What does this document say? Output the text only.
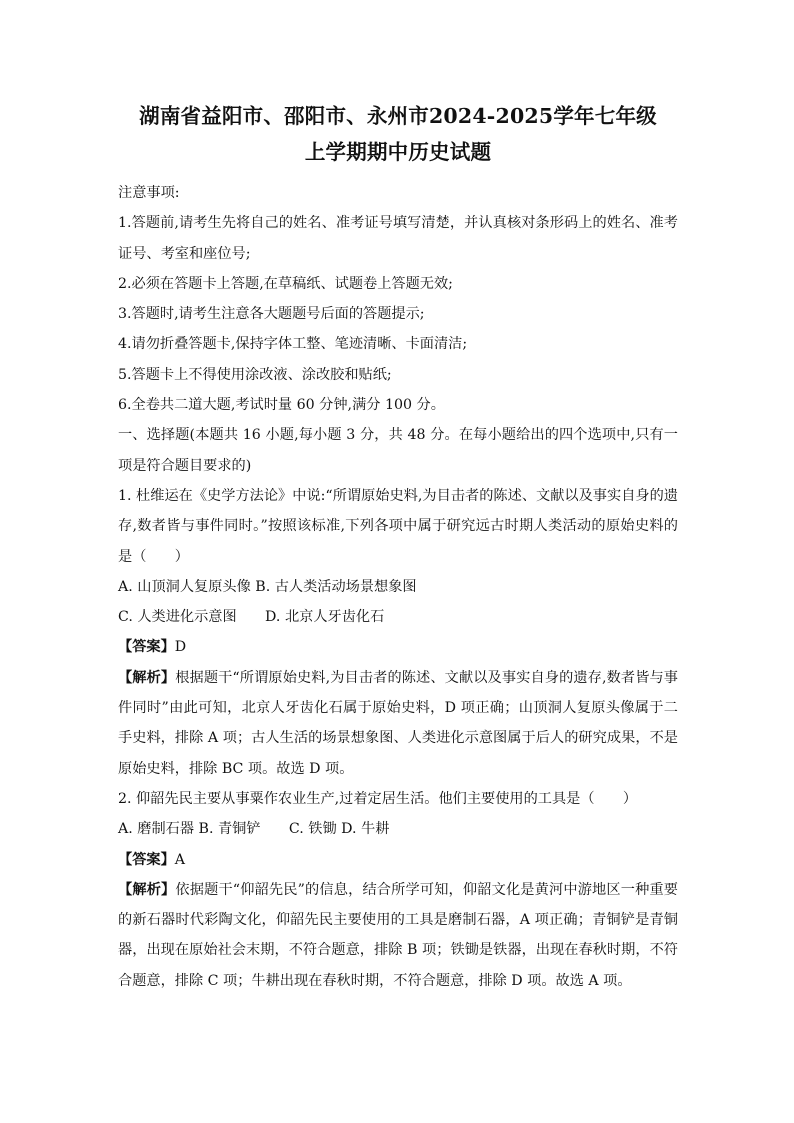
湖南省益阳市、邵阳市、永州市2024-2025学年七年级
上学期期中历史试题

注意事项:

1.答题前,请考生先将自己的姓名、准考证号填写清楚，并认真核对条形码上的姓名、准考证号、考室和座位号;

2.必须在答题卡上答题,在草稿纸、试题卷上答题无效;

3.答题时,请考生注意各大题题号后面的答题提示;

4.请勿折叠答题卡,保持字体工整、笔迹清晰、卡面清洁;

5.答题卡上不得使用涂改液、涂改胶和贴纸;

6.全卷共二道大题,考试时量 60 分钟,满分 100 分。

一、选择题(本题共 16 小题,每小题 3 分，共 48 分。在每小题给出的四个选项中,只有一项是符合题目要求的)

1. 杜维运在《史学方法论》中说:“所谓原始史料,为目击者的陈述、文献以及事实自身的遗存,数者皆与事件同时。”按照该标准,下列各项中属于研究远古时期人类活动的原始史料的是（　　）

A. 山顶洞人复原头像 B. 古人类活动场景想象图

C. 人类进化示意图　　D. 北京人牙齿化石

【答案】D

【解析】根据题干“所谓原始史料,为目击者的陈述、文献以及事实自身的遗存,数者皆与事件同时”由此可知，北京人牙齿化石属于原始史料，D 项正确；山顶洞人复原头像属于二手史料，排除 A 项；古人生活的场景想象图、人类进化示意图属于后人的研究成果，不是原始史料，排除 BC 项。故选 D 项。

2. 仰韶先民主要从事粟作农业生产,过着定居生活。他们主要使用的工具是（　　）

A. 磨制石器 B. 青铜铲　　C. 铁锄 D. 牛耕

【答案】A

【解析】依据题干“仰韶先民”的信息，结合所学可知，仰韶文化是黄河中游地区一种重要的新石器时代彩陶文化，仰韶先民主要使用的工具是磨制石器，A 项正确；青铜铲是青铜器，出现在原始社会末期，不符合题意，排除 B 项；铁锄是铁器，出现在春秋时期，不符合题意，排除 C 项；牛耕出现在春秋时期，不符合题意，排除 D 项。故选 A 项。
